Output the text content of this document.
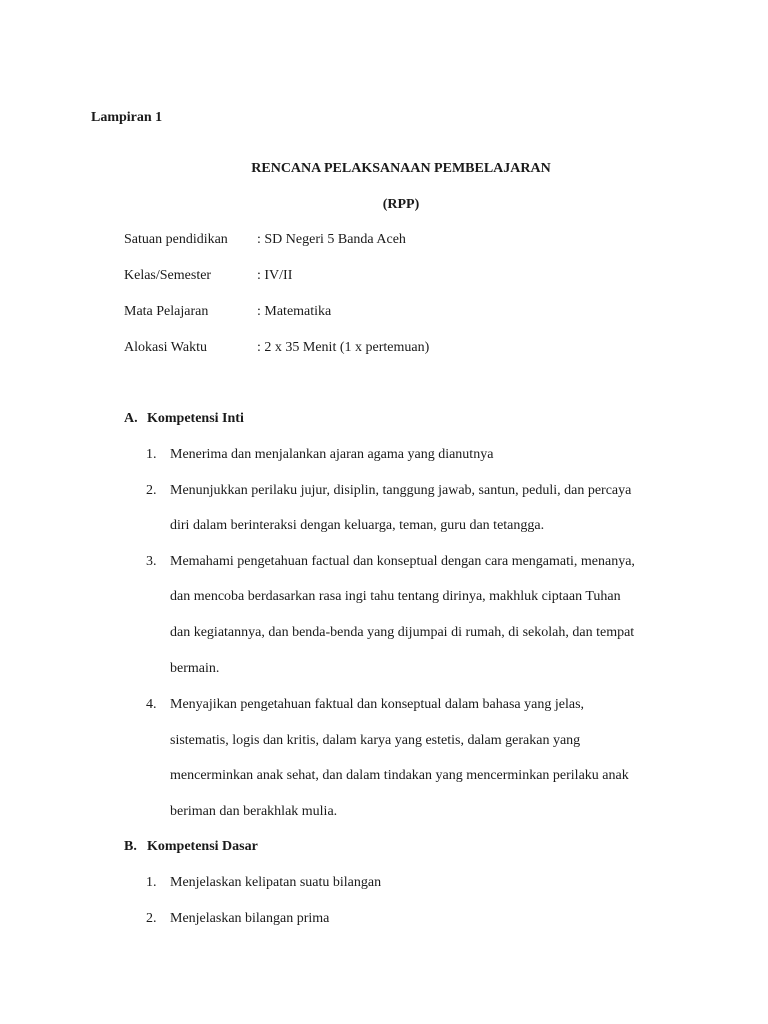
Lampiran 1
RENCANA PELAKSANAAN PEMBELAJARAN
(RPP)
Satuan pendidikan : SD Negeri 5 Banda Aceh
Kelas/Semester	: IV/II
Mata Pelajaran	: Matematika
Alokasi Waktu	: 2 x 35 Menit (1 x pertemuan)
A. Kompetensi Inti
1. Menerima dan menjalankan ajaran agama yang dianutnya
2. Menunjukkan perilaku jujur, disiplin, tanggung jawab, santun, peduli, dan percaya
diri dalam berinteraksi dengan keluarga, teman, guru dan tetangga.
3. Memahami pengetahuan factual dan konseptual dengan cara mengamati, menanya,
dan mencoba berdasarkan rasa ingi tahu tentang dirinya, makhluk ciptaan Tuhan
dan kegiatannya, dan benda-benda yang dijumpai di rumah, di sekolah, dan tempat
bermain.
4. Menyajikan pengetahuan faktual dan konseptual dalam bahasa yang jelas,
sistematis, logis dan kritis, dalam karya yang estetis, dalam gerakan yang
mencerminkan anak sehat, dan dalam tindakan yang mencerminkan perilaku anak
beriman dan berakhlak mulia.
B. Kompetensi Dasar
1. Menjelaskan kelipatan suatu bilangan
2. Menjelaskan bilangan prima
